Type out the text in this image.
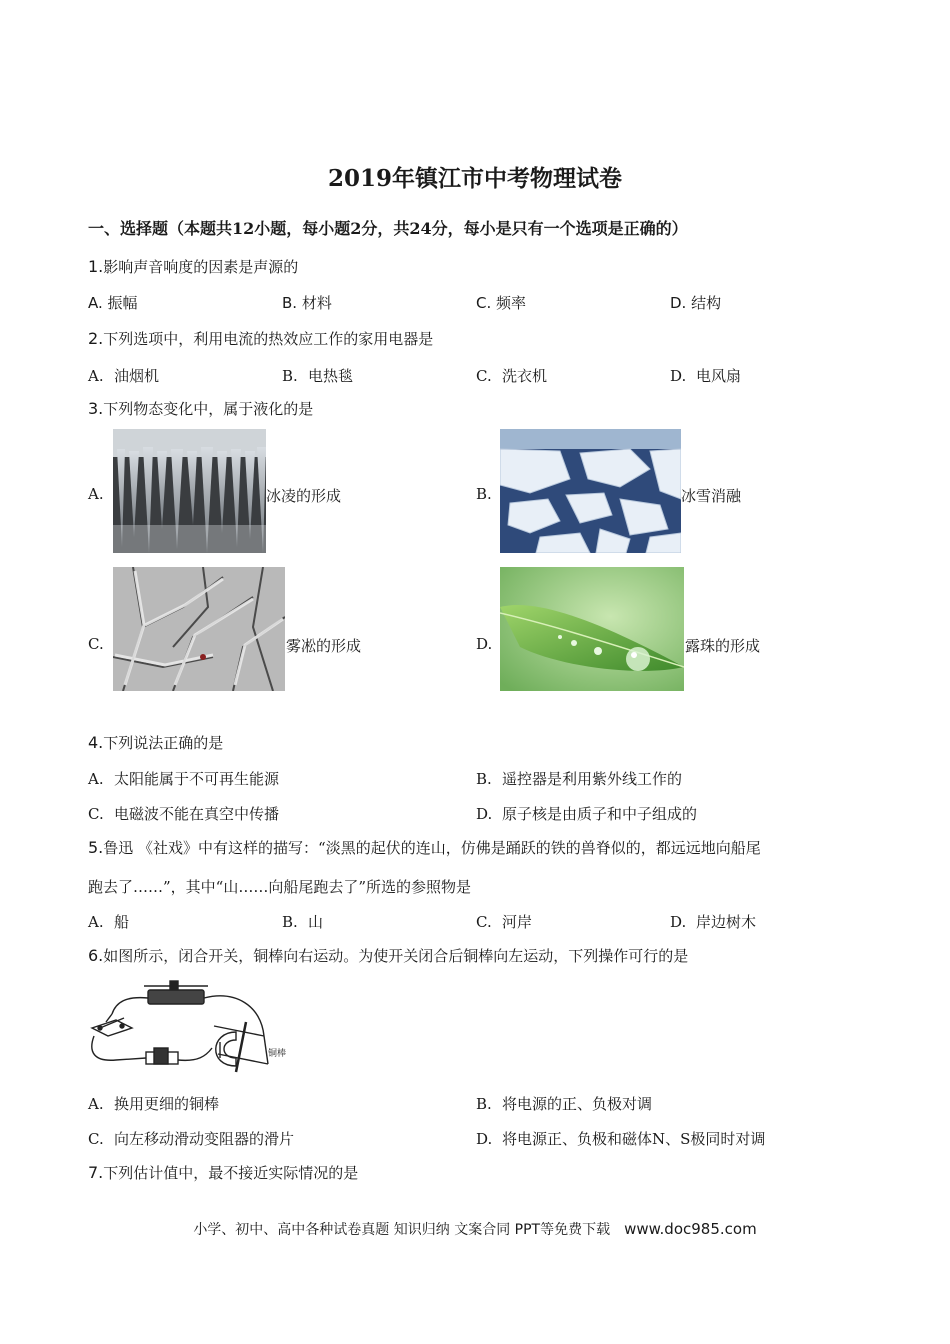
2019年镇江市中考物理试卷
一、选择题（本题共12小题，每小题2分，共24分，每小是只有一个选项是正确的）
1.影响声音响度的因素是声源的
A. 振幅	B. 材料	C. 频率	D. 结构
2.下列选项中，利用电流的热效应工作的家用电器是
A. 油烟机	B. 电热毯	C. 洗衣机	D. 电风扇
3.下列物态变化中，属于液化的是
A.	冰凌的形成	B.	冰雪消融
C.	雾凇的形成	D.	露珠的形成
4.下列说法正确的是
A. 太阳能属于不可再生能源	B. 遥控器是利用紫外线工作的
C. 电磁波不能在真空中传播	D. 原子核是由质子和中子组成的
5.鲁迅 《社戏》中有这样的描写：“淡黑的起伏的连山，仿佛是踊跃的铁的兽脊似的，都远远地向船尾
跑去了……”，其中“山……向船尾跑去了”所选的参照物是
A. 船	B. 山	C. 河岸	D. 岸边树木
6.如图所示，闭合开关，铜棒向右运动。为使开关闭合后铜棒向左运动，下列操作可行的是
铜棒
A. 换用更细的铜棒	B. 将电源的正、负极对调
C. 向左移动滑动变阻器的滑片	D. 将电源正、负极和磁体N、S极同时对调
7.下列估计值中，最不接近实际情况的是
小学、初中、高中各种试卷真题 知识归纳 文案合同 PPT等免费下载 www.doc985.com
